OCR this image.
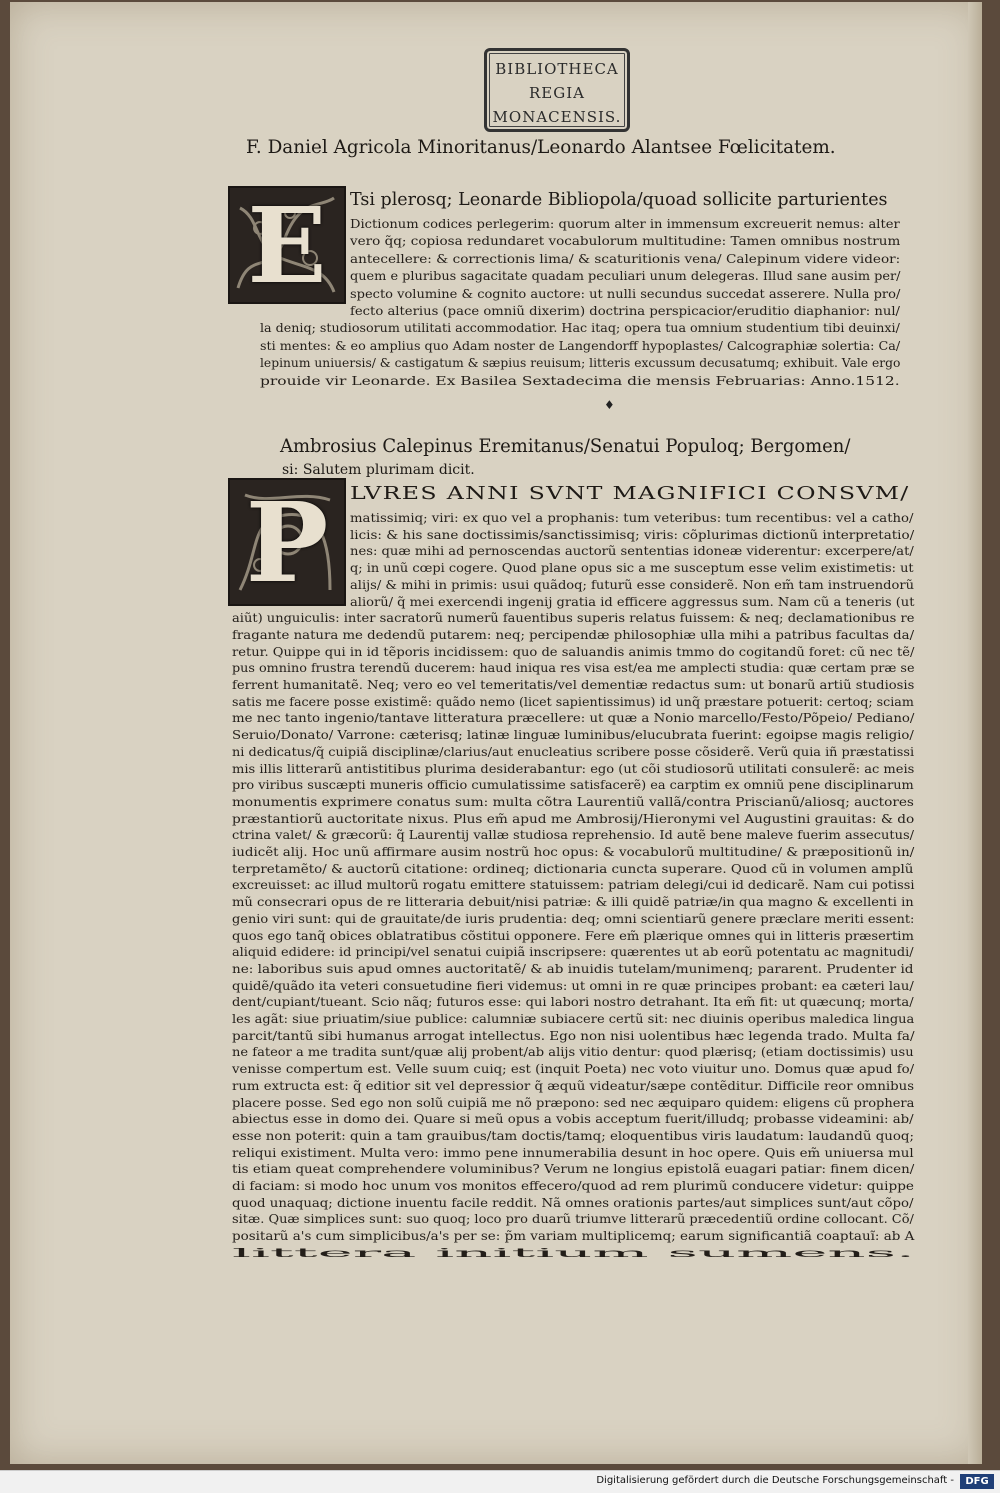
BIBLIOTHECA
REGIA
MONACENSIS.
F. Daniel Agricola Minoritanus/Leonardo Alantsee Fœlicitatem.
E Tsi plerosq; Leonarde Bibliopola/quoad sollicite parturientes
Dictionum codices perlegerim: quorum alter in immensum excreuerit nemus: alter
vero q̃q; copiosa redundaret vocabulorum multitudine: Tamen omnibus nostrum
antecellere: & correctionis lima/ & scaturitionis vena/ Calepinum videre videor:
quem e pluribus sagacitate quadam peculiari unum delegeras. Illud sane ausim per/
specto volumine & cognito auctore: ut nulli secundus succedat asserere. Nulla pro/
fecto alterius (pace omniũ dixerim) doctrina perspicacior/eruditio diaphanior: nul/
la deniq; studiosorum utilitati accommodatior. Hac itaq; opera tua omnium studentium tibi deuinxi/
sti mentes: & eo amplius quo Adam noster de Langendorff hypoplastes/ Calcographiæ solertia: Ca/
lepinum uniuersis/ & castigatum & sæpius reuisum; litteris excussum decusatumq; exhibuit. Vale ergo
prouide vir Leonarde. Ex Basilea Sextadecima die mensis Februarias: Anno.1512.
♦
Ambrosius Calepinus Eremitanus/Senatui Populoq; Bergomen/
si: Salutem plurimam dicit.
P LVRES ANNI SVNT MAGNIFICI CONSVM/
matissimiq; viri: ex quo vel a prophanis: tum veteribus: tum recentibus: vel a catho/
licis: & his sane doctissimis/sanctissimisq; viris: cõplurimas dictionũ interpretatio/
nes: quæ mihi ad pernoscendas auctorũ sententias idoneæ viderentur: excerpere/at/
q; in unũ cœpi cogere. Quod plane opus sic a me susceptum esse velim existimetis: ut
alijs/ & mihi in primis: usui quãdoq; futurũ esse considerẽ. Non em̃ tam instruendorũ
aliorũ/ q̃ mei exercendi ingenij gratia id efficere aggressus sum. Nam cũ a teneris (ut
aiũt) unguiculis: inter sacratorũ numerũ fauentibus superis relatus fuissem: & neq; declamationibus re
fragante natura me dedendũ putarem: neq; percipendæ philosophiæ ulla mihi a patribus facultas da/
retur. Quippe qui in id tẽporis incidissem: quo de saluandis animis tmmo do cogitandũ foret: cũ nec tẽ/
pus omnino frustra terendũ ducerem: haud iniqua res visa est/ea me amplecti studia: quæ certam præ se
ferrent humanitatẽ. Neq; vero eo vel temeritatis/vel dementiæ redactus sum: ut bonarũ artiũ studiosis
satis me facere posse existimẽ: quãdo nemo (licet sapientissimus) id unq̃ præstare potuerit: certoq; sciam
me nec tanto ingenio/tantave litteratura præcellere: ut quæ a Nonio marcello/Festo/Põpeio/ Pediano/
Seruio/Donato/ Varrone: cæterisq; latinæ linguæ luminibus/elucubrata fuerint: egoipse magis religio/
ni dedicatus/q̃ cuipiã disciplinæ/clarius/aut enucleatius scribere posse cõsiderẽ. Verũ quia iñ præstatissi
mis illis litterarũ antistitibus plurima desiderabantur: ego (ut cõi studiosorũ utilitati consulerẽ: ac meis
pro viribus suscæpti muneris officio cumulatissime satisfacerẽ) ea carptim ex omniũ pene disciplinarum
monumentis exprimere conatus sum: multa cõtra Laurentiũ vallã/contra Priscianũ/aliosq; auctores
præstantiorũ auctoritate nixus. Plus em̃ apud me Ambrosij/Hieronymi vel Augustini grauitas: & do
ctrina valet/ & græcorũ: q̃ Laurentij vallæ studiosa reprehensio. Id autẽ bene maleve fuerim assecutus/
iudicẽt alij. Hoc unũ affirmare ausim nostrũ hoc opus: & vocabulorũ multitudine/ & præpositionũ in/
terpretamẽto/ & auctorũ citatione: ordineq; dictionaria cuncta superare. Quod cũ in volumen amplũ
excreuisset: ac illud multorũ rogatu emittere statuissem: patriam delegi/cui id dedicarẽ. Nam cui potissi
mũ consecrari opus de re litteraria debuit/nisi patriæ: & illi quidẽ patriæ/in qua magno & excellenti in
genio viri sunt: qui de grauitate/de iuris prudentia: deq; omni scientiarũ genere præclare meriti essent:
quos ego tanq̃ obices oblatratibus cõstitui opponere. Fere em̃ plærique omnes qui in litteris præsertim
aliquid edidere: id principi/vel senatui cuipiã inscripsere: quærentes ut ab eorũ potentatu ac magnitudi/
ne: laboribus suis apud omnes auctoritatẽ/ & ab inuidis tutelam/munimenq; pararent. Prudenter id
quidẽ/quãdo ita veteri consuetudine fieri videmus: ut omni in re quæ principes probant: ea cæteri lau/
dent/cupiant/tueant. Scio nãq; futuros esse: qui labori nostro detrahant. Ita em̃ fit: ut quæcunq; morta/
les agãt: siue priuatim/siue publice: calumniæ subiacere certũ sit: nec diuinis operibus maledica lingua
parcit/tantũ sibi humanus arrogat intellectus. Ego non nisi uolentibus hæc legenda trado. Multa fa/
ne fateor a me tradita sunt/quæ alij probent/ab alijs vitio dentur: quod plærisq; (etiam doctissimis) usu
venisse compertum est. Velle suum cuiq; est (inquit Poeta) nec voto viuitur uno. Domus quæ apud fo/
rum extructa est: q̃ editior sit vel depressior q̃ æquũ videatur/sæpe contẽditur. Difficile reor omnibus
placere posse. Sed ego non solũ cuipiã me nõ præpono: sed nec æquiparo quidem: eligens cũ prophera
abiectus esse in domo dei. Quare si meũ opus a vobis acceptum fuerit/illudq; probasse videamini: ab/
esse non poterit: quin a tam grauibus/tam doctis/tamq; eloquentibus viris laudatum: laudandũ quoq;
reliqui existiment. Multa vero: immo pene innumerabilia desunt in hoc opere. Quis em̃ uniuersa mul
tis etiam queat comprehendere voluminibus? Verum ne longius epistolã euagari patiar: finem dicen/
di faciam: si modo hoc unum vos monitos effecero/quod ad rem plurimũ conducere videtur: quippe
quod unaquaq; dictione inuentu facile reddit. Nã omnes orationis partes/aut simplices sunt/aut cõpo/
sitæ. Quæ simplices sunt: suo quoq; loco pro duarũ triumve litterarũ præcedentiũ ordine collocant. Cõ/
positarũ a's cum simplicibus/a's per se: p̃m variam multiplicemq; earum significantiã coaptauĩ: ab A
littera initium sumens.
Digitalisierung gefördert durch die Deutsche Forschungsgemeinschaft -	DFG
